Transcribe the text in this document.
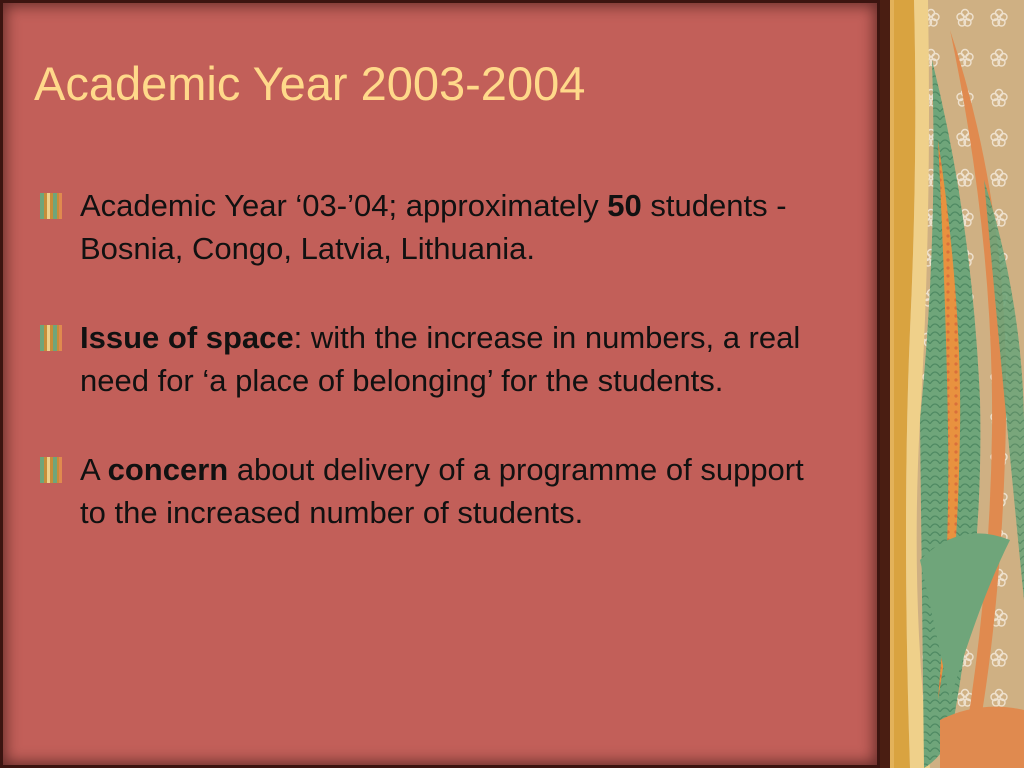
Academic Year 2003-2004
Academic Year ‘03-’04; approximately 50 students - Bosnia, Congo, Latvia, Lithuania.
Issue of space: with the increase in numbers, a real need for ‘a place of belonging’ for the students.
A concern about delivery of a programme of support to the increased number of students.
